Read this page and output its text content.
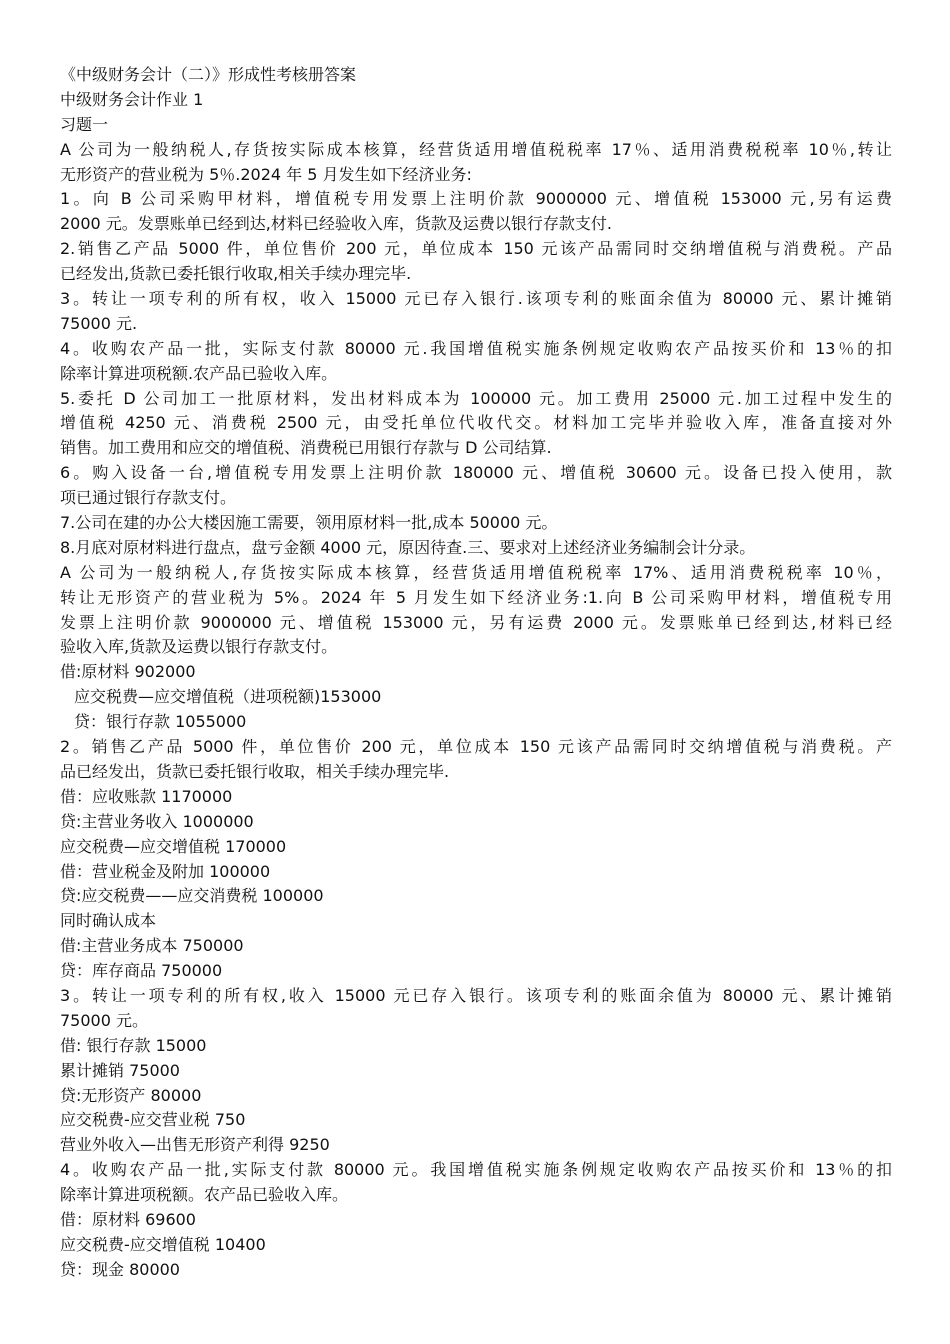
《中级财务会计（二）》形成性考核册答案
中级财务会计作业 1
习题一
A 公司为一般纳税人,存货按实际成本核算，经营货适用增值税税率 17％、适用消费税税率 10％,转让
无形资产的营业税为 5％.2024 年 5 月发生如下经济业务:
1。向 B 公司采购甲材料，增值税专用发票上注明价款 9000000 元、增值税 153000 元,另有运费
2000 元。发票账单已经到达,材料已经验收入库，货款及运费以银行存款支付.
2.销售乙产品 5000 件，单位售价 200 元，单位成本 150 元该产品需同时交纳增值税与消费税。产品
已经发出,货款已委托银行收取,相关手续办理完毕.
3。转让一项专利的所有权，收入 15000 元已存入银行.该项专利的账面余值为 80000 元、累计摊销
75000 元.
4。收购农产品一批，实际支付款 80000 元.我国增值税实施条例规定收购农产品按买价和 13％的扣
除率计算进项税额.农产品已验收入库。
5.委托 D 公司加工一批原材料，发出材料成本为 100000 元。加工费用 25000 元.加工过程中发生的
增值税 4250 元、消费税 2500 元，由受托单位代收代交。材料加工完毕并验收入库，准备直接对外
销售。加工费用和应交的增值税、消费税已用银行存款与 D 公司结算.
6。购入设备一台,增值税专用发票上注明价款 180000 元、增值税 30600 元。设备已投入使用，款
项已通过银行存款支付。
7.公司在建的办公大楼因施工需要，领用原材料一批,成本 50000 元。
8.月底对原材料进行盘点，盘亏金额 4000 元，原因待查.三、要求对上述经济业务编制会计分录。
A 公司为一般纳税人,存货按实际成本核算，经营货适用增值税税率 17%、适用消费税税率 10％，
转让无形资产的营业税为 5%。2024 年 5 月发生如下经济业务:1.向 B 公司采购甲材料，增值税专用
发票上注明价款 9000000 元、增值税 153000 元，另有运费 2000 元。发票账单已经到达,材料已经
验收入库,货款及运费以银行存款支付。
借:原材料 902000
应交税费—应交增值税（进项税额)153000
贷：银行存款 1055000
2。销售乙产品 5000 件，单位售价 200 元，单位成本 150 元该产品需同时交纳增值税与消费税。产
品已经发出，货款已委托银行收取，相关手续办理完毕.
借：应收账款 1170000
贷:主营业务收入 1000000
应交税费—应交增值税 170000
借：营业税金及附加 100000
贷:应交税费——应交消费税 100000
同时确认成本
借:主营业务成本 750000
贷：库存商品 750000
3。转让一项专利的所有权,收入 15000 元已存入银行。该项专利的账面余值为 80000 元、累计摊销
75000 元。
借: 银行存款 15000
累计摊销 75000
贷:无形资产 80000
应交税费-应交营业税 750
营业外收入—出售无形资产利得 9250
4。收购农产品一批,实际支付款 80000 元。我国增值税实施条例规定收购农产品按买价和 13％的扣
除率计算进项税额。农产品已验收入库。
借：原材料 69600
应交税费-应交增值税 10400
贷：现金 80000
